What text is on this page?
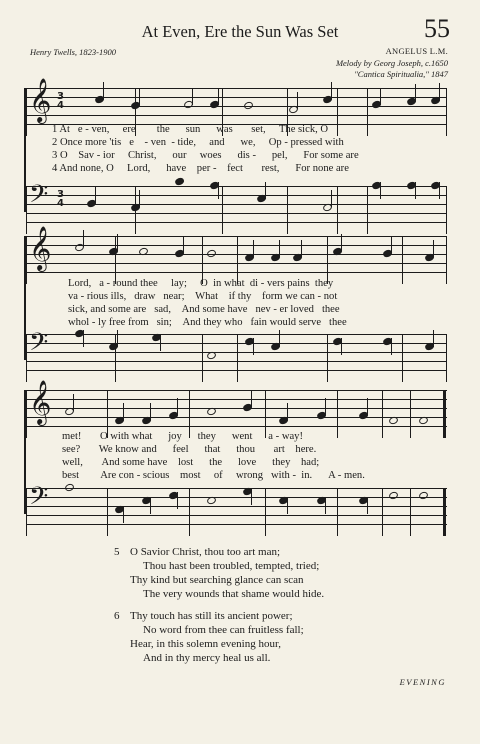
At Even, Ere the Sun Was Set	55
Henry Twells, 1823-1900	ANGELUS L.M.
Melody by Georg Joseph, c.1650
"Cantica Spiritualia," 1847
𝄞 3
4
𝄢 3
4
1 At e - ven, ere the sun was set, The sick, O
2 Once more 'tis e - ven - tide, and we, Op - pressed with
3 O Sav - ior Christ, our woes dis - pel, For some are
4 And none, O Lord, have per - fect rest, For none are
𝄞
𝄢
Lord, a - round thee lay; O in what di - vers pains they
va - rious ills, draw near; What if thy form we can - not
sick, and some are sad, And some have nev - er loved thee
whol - ly free from sin; And they who fain would serve thee
𝄞
𝄢
met! O with what joy they went a - way!
see? We know and feel that thou art here.
well, And some have lost the love they had;
best Are con - scious most of wrong with - in. A - men.
5 O Savior Christ, thou too art man;
Thou hast been troubled, tempted, tried;
Thy kind but searching glance can scan
The very wounds that shame would hide.
6 Thy touch has still its ancient power;
No word from thee can fruitless fall;
Hear, in this solemn evening hour,
And in thy mercy heal us all.
EVENING
